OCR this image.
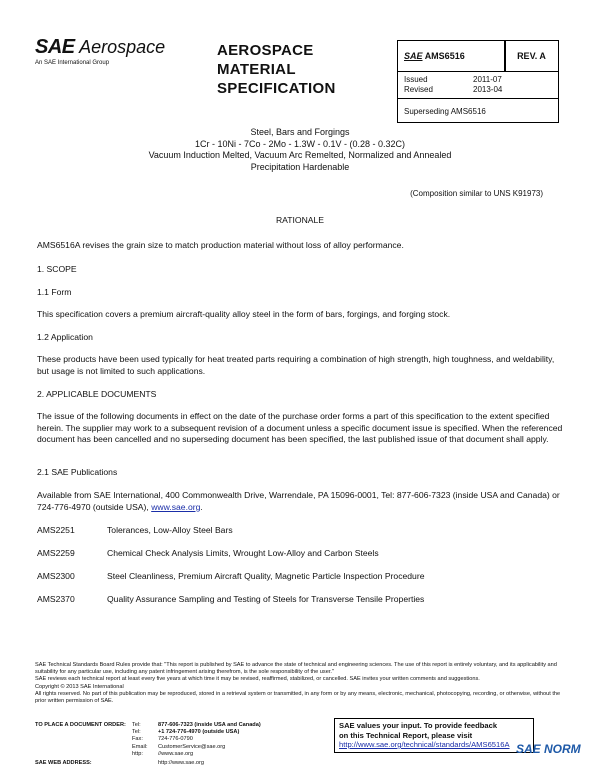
SAE Aerospace
An SAE International Group
AEROSPACE
MATERIAL
SPECIFICATION
SAE AMS6516	REV. A
Issued	2011-07
Revised	2013-04
Superseding AMS6516
Steel, Bars and Forgings
1Cr - 10Ni - 7Co - 2Mo - 1.3W - 0.1V - (0.28 - 0.32C)
Vacuum Induction Melted, Vacuum Arc Remelted, Normalized and Annealed
Precipitation Hardenable
(Composition similar to UNS K91973)
RATIONALE
AMS6516A revises the grain size to match production material without loss of alloy performance.
1. SCOPE
1.1 Form
This specification covers a premium aircraft-quality alloy steel in the form of bars, forgings, and forging stock.
1.2 Application
These products have been used typically for heat treated parts requiring a combination of high strength, high toughness, and weldability, but usage is not limited to such applications.
2. APPLICABLE DOCUMENTS
The issue of the following documents in effect on the date of the purchase order forms a part of this specification to the extent specified herein. The supplier may work to a subsequent revision of a document unless a specific document issue is specified. When the referenced document has been cancelled and no superseding document has been specified, the last published issue of that document shall apply.
2.1 SAE Publications
Available from SAE International, 400 Commonwealth Drive, Warrendale, PA 15096-0001, Tel: 877-606-7323 (inside USA and Canada) or 724-776-4970 (outside USA), www.sae.org.
AMS2251	Tolerances, Low-Alloy Steel Bars
AMS2259	Chemical Check Analysis Limits, Wrought Low-Alloy and Carbon Steels
AMS2300	Steel Cleanliness, Premium Aircraft Quality, Magnetic Particle Inspection Procedure
AMS2370	Quality Assurance Sampling and Testing of Steels for Transverse Tensile Properties
SAE Technical Standards Board Rules provide that: "This report is published by SAE to advance the state of technical and engineering sciences. The use of this report is entirely voluntary, and its applicability and suitability for any particular use, including any patent infringement arising therefrom, is the sole responsibility of the user."
SAE reviews each technical report at least every five years at which time it may be revised, reaffirmed, stabilized, or cancelled. SAE invites your written comments and suggestions.
Copyright © 2013 SAE International
All rights reserved. No part of this publication may be reproduced, stored in a retrieval system or transmitted, in any form or by any means, electronic, mechanical, photocopying, recording, or otherwise, without the prior written permission of SAE.
TO PLACE A DOCUMENT ORDER: Tel:	877-606-7323 (inside USA and Canada)
Tel:	+1 724-776-4970 (outside USA)
Fax:	724-776-0790
Email: CustomerService@sae.org
http:	//www.sae.org
SAE WEB ADDRESS:	http://www.sae.org
SAE values your input. To provide feedback
on this Technical Report, please visit
http://www.sae.org/technical/standards/AMS6516A SAE NORM
